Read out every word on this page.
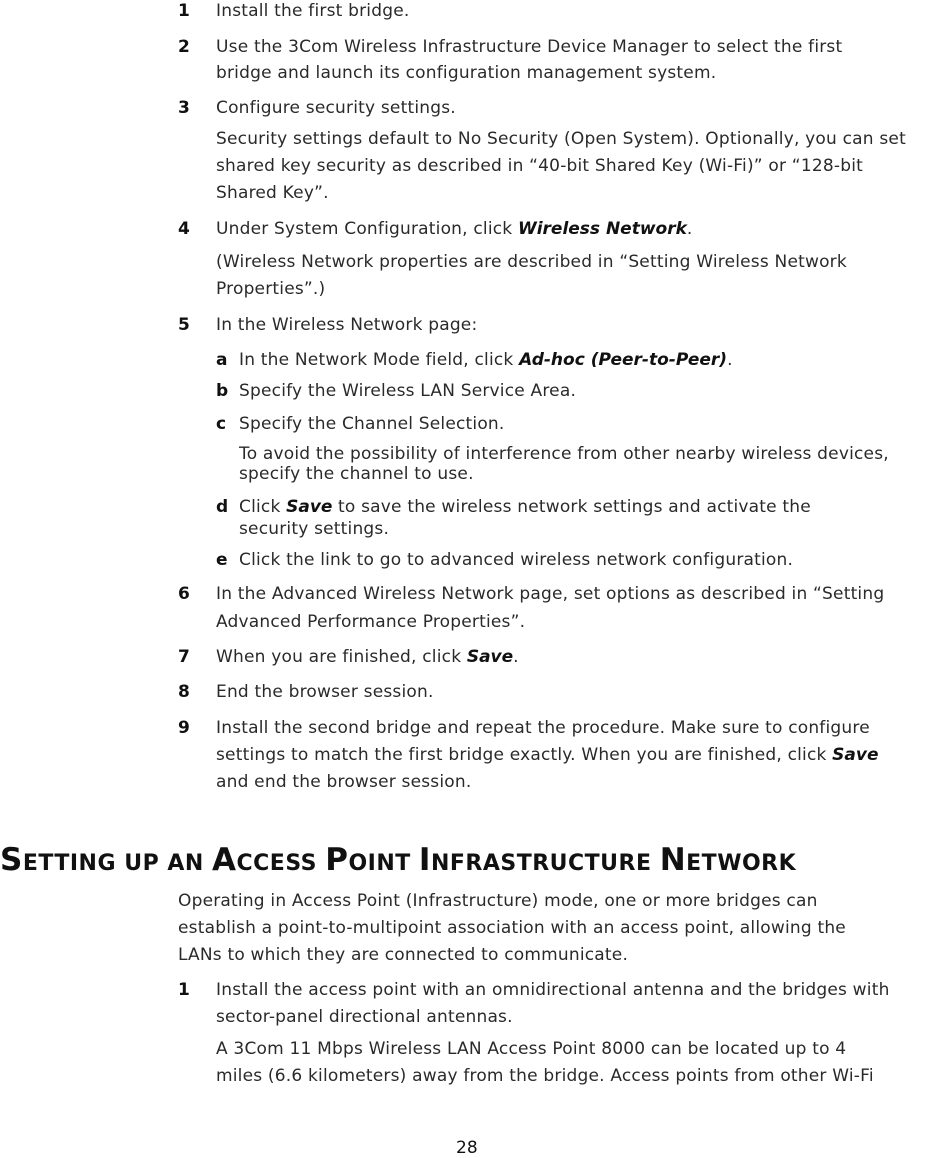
1 Install the first bridge.

2 Use the 3Com Wireless Infrastructure Device Manager to select the first

bridge and launch its configuration management system.

3 Configure security settings.

Security settings default to No Security (Open System). Optionally, you can set

shared key security as described in “40-bit Shared Key (Wi-Fi)” or “128-bit

Shared Key”.

4 Under System Configuration, click Wireless Network.

(Wireless Network properties are described in “Setting Wireless Network

Properties”.)

5 In the Wireless Network page:

a In the Network Mode field, click Ad-hoc (Peer-to-Peer).

b Specify the Wireless LAN Service Area.

c Specify the Channel Selection.

To avoid the possibility of interference from other nearby wireless devices,

specify the channel to use.

d Click Save to save the wireless network settings and activate the

security settings.

e Click the link to go to advanced wireless network configuration.

6 In the Advanced Wireless Network page, set options as described in “Setting

Advanced Performance Properties”.

7 When you are finished, click Save.

8 End the browser session.

9 Install the second bridge and repeat the procedure. Make sure to configure

settings to match the first bridge exactly. When you are finished, click Save

and end the browser session.

SETTING UP AN ACCESS POINT INFRASTRUCTURE NETWORK

Operating in Access Point (Infrastructure) mode, one or more bridges can

establish a point-to-multipoint association with an access point, allowing the

LANs to which they are connected to communicate.

1 Install the access point with an omnidirectional antenna and the bridges with

sector-panel directional antennas.

A 3Com 11 Mbps Wireless LAN Access Point 8000 can be located up to 4

miles (6.6 kilometers) away from the bridge. Access points from other Wi-Fi

28
